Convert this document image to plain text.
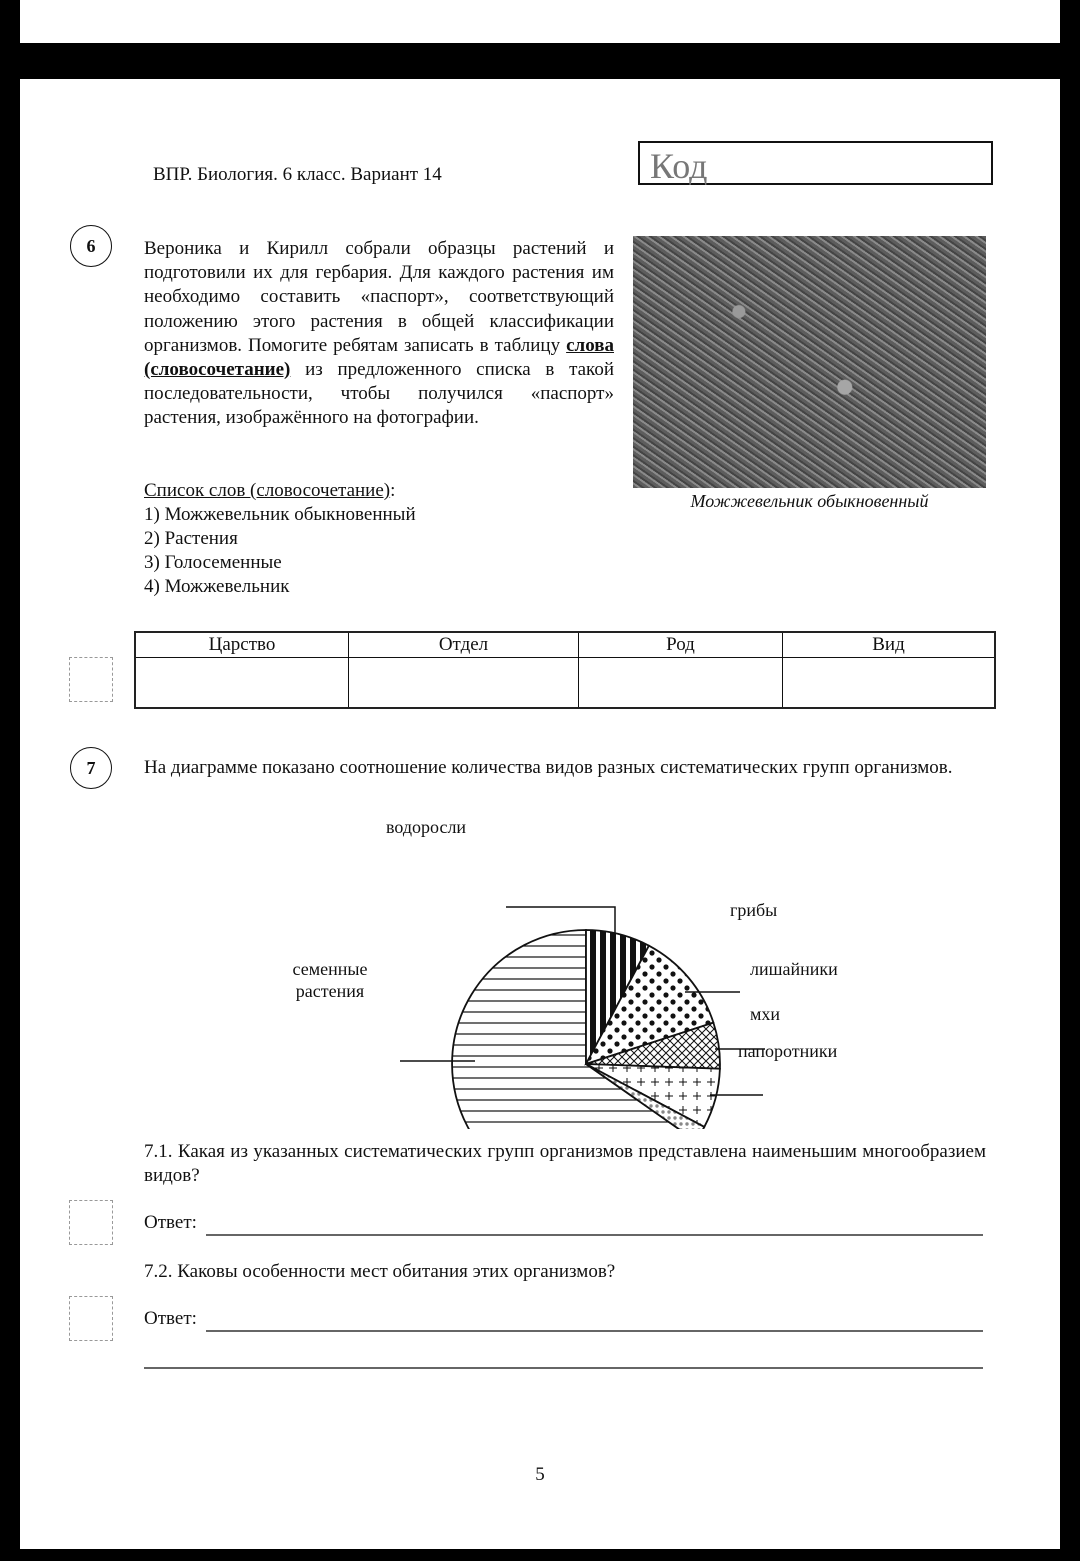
ВПР. Биология. 6 класс. Вариант 14	Код
6	Вероника и Кирилл собрали образцы растений и подготовили их для гербария. Для каждого растения им необходимо составить «паспорт», соответствующий положению этого растения в общей классификации организмов. Помогите ребятам записать в таблицу слова (словосочетание) из предложенного списка в такой последовательности, чтобы получился «паспорт» растения, изображённого на фотографии.
Список слов (словосочетание):
1) Можжевельник обыкновенный
2) Растения
3) Голосеменные
4) Можжевельник
Можжевельник обыкновенный
Царство	Отдел	Род	Вид

7	На диаграмме показано соотношение количества видов разных систематических групп организмов.
водоросли
грибы
лишайники
мхи
папоротники
семенные растения
7.1. Какая из указанных систематических групп организмов представлена наименьшим многообразием видов?
Ответ:
7.2. Каковы особенности мест обитания этих организмов?
Ответ:
5
